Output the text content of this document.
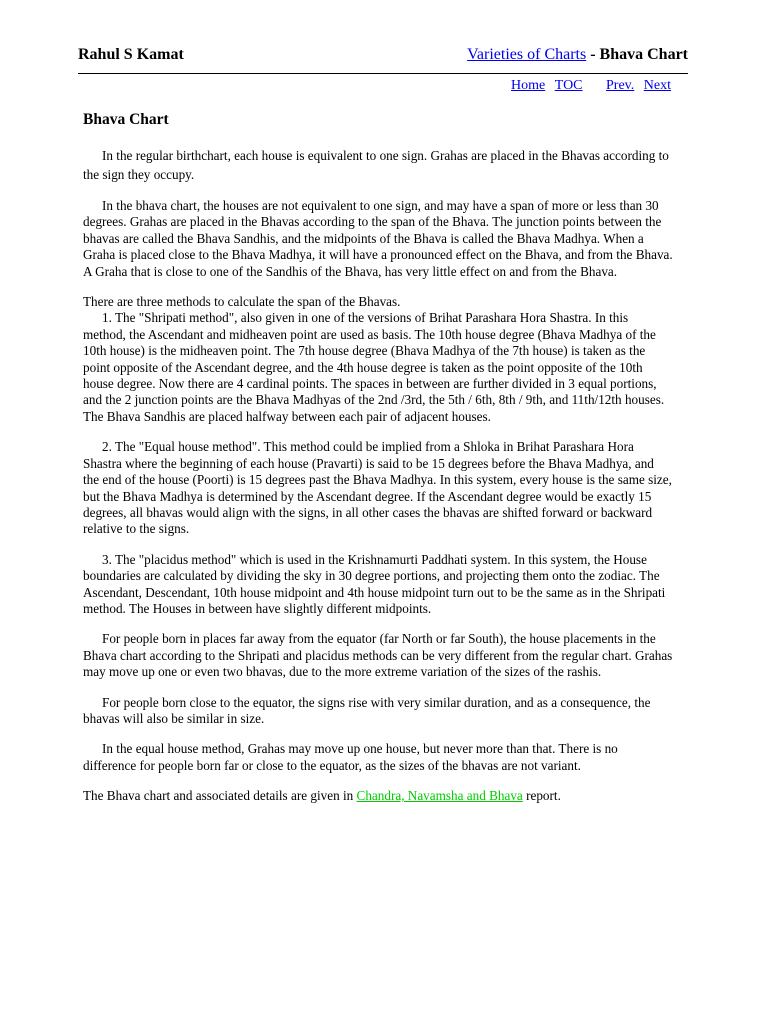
Rahul S Kamat	Varieties of Charts - Bhava Chart
Home TOC Prev. Next
Bhava Chart

In the regular birthchart, each house is equivalent to one sign. Grahas are placed in the Bhavas according to the sign they occupy.

In the bhava chart, the houses are not equivalent to one sign, and may have a span of more or less than 30 degrees. Grahas are placed in the Bhavas according to the span of the Bhava. The junction points between the bhavas are called the Bhava Sandhis, and the midpoints of the Bhava is called the Bhava Madhya. When a Graha is placed close to the Bhava Madhya, it will have a pronounced effect on the Bhava, and from the Bhava. A Graha that is close to one of the Sandhis of the Bhava, has very little effect on and from the Bhava.

There are three methods to calculate the span of the Bhavas.

1. The "Shripati method", also given in one of the versions of Brihat Parashara Hora Shastra. In this method, the Ascendant and midheaven point are used as basis. The 10th house degree (Bhava Madhya of the 10th house) is the midheaven point. The 7th house degree (Bhava Madhya of the 7th house) is taken as the point opposite of the Ascendant degree, and the 4th house degree is taken as the point opposite of the 10th house degree. Now there are 4 cardinal points. The spaces in between are further divided in 3 equal portions, and the 2 junction points are the Bhava Madhyas of the 2nd /3rd, the 5th / 6th, 8th / 9th, and 11th/12th houses. The Bhava Sandhis are placed halfway between each pair of adjacent houses.

2. The "Equal house method". This method could be implied from a Shloka in Brihat Parashara Hora Shastra where the beginning of each house (Pravarti) is said to be 15 degrees before the Bhava Madhya, and the end of the house (Poorti) is 15 degrees past the Bhava Madhya. In this system, every house is the same size, but the Bhava Madhya is determined by the Ascendant degree. If the Ascendant degree would be exactly 15 degrees, all bhavas would align with the signs, in all other cases the bhavas are shifted forward or backward relative to the signs.

3. The "placidus method" which is used in the Krishnamurti Paddhati system. In this system, the House boundaries are calculated by dividing the sky in 30 degree portions, and projecting them onto the zodiac. The Ascendant, Descendant, 10th house midpoint and 4th house midpoint turn out to be the same as in the Shripati method. The Houses in between have slightly different midpoints.

For people born in places far away from the equator (far North or far South), the house placements in the Bhava chart according to the Shripati and placidus methods can be very different from the regular chart. Grahas may move up one or even two bhavas, due to the more extreme variation of the sizes of the rashis.

For people born close to the equator, the signs rise with very similar duration, and as a consequence, the bhavas will also be similar in size.

In the equal house method, Grahas may move up one house, but never more than that. There is no difference for people born far or close to the equator, as the sizes of the bhavas are not variant.

The Bhava chart and associated details are given in Chandra, Navamsha and Bhava report.
